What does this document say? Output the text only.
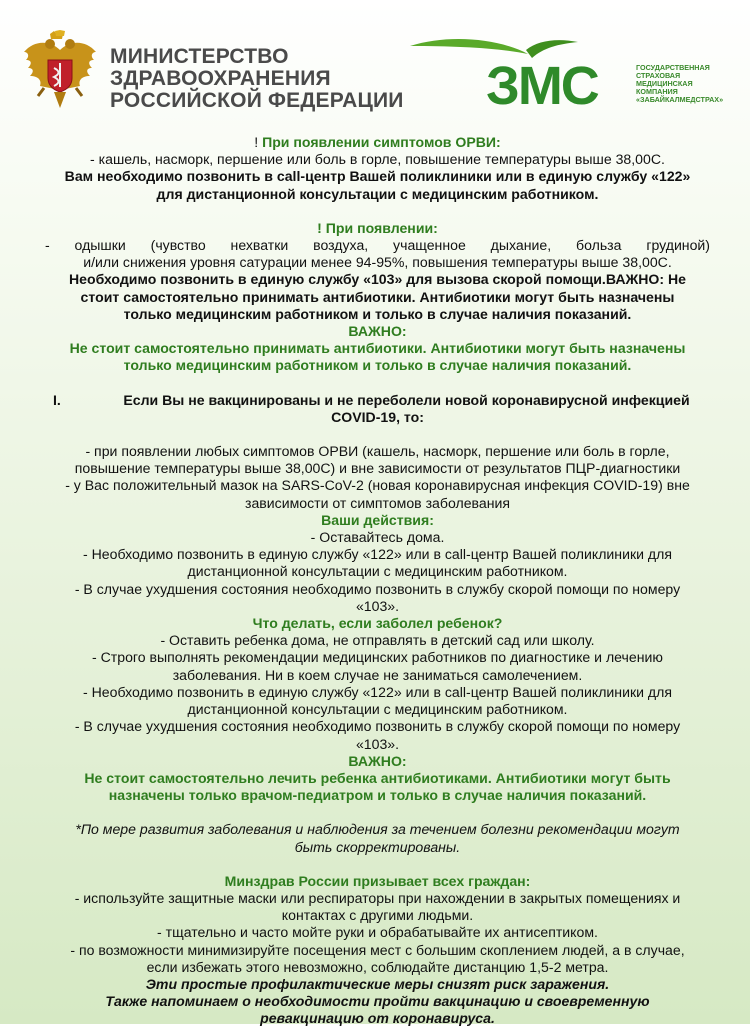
МИНИСТЕРСТВО
ЗДРАВООХРАНЕНИЯ
РОССИЙСКОЙ ФЕДЕРАЦИИ ЗМС	ГОСУДАРСТВЕННАЯ
СТРАХОВАЯ
МЕДИЦИНСКАЯ
КОМПАНИЯ
«ЗАБАЙКАЛМЕДСТРАХ»

! При появлении симптомов ОРВИ:

- кашель, насморк, першение или боль в горле, повышение температуры выше 38,00С.

Вам необходимо позвонить в call-центр Вашей поликлиники или в единую службу «122»

для дистанционной консультации с медицинским работником.

! При появлении:

- одышки (чувство нехватки воздуха, учащенное дыхание, больза грудиной)

и/или снижения уровня сатурации менее 94-95%, повышения температуры выше 38,00С.

Необходимо позвонить в единую службу «103» для вызова скорой помощи.ВАЖНО: Не

стоит самостоятельно принимать антибиотики. Антибиотики могут быть назначены

только медицинским работником и только в случае наличия показаний.

ВАЖНО:

Не стоит самостоятельно принимать антибиотики. Антибиотики могут быть назначены

только медицинским работником и только в случае наличия показаний.

I.	Если Вы не вакцинированы и не переболели новой коронавирусной инфекцией

COVID-19, то:

- при появлении любых симптомов ОРВИ (кашель, насморк, першение или боль в горле,

повышение температуры выше 38,00С) и вне зависимости от результатов ПЦР-диагностики

- у Вас положительный мазок на SARS-CoV-2 (новая коронавирусная инфекция COVID-19) вне

зависимости от симптомов заболевания

Ваши действия:

- Оставайтесь дома.

- Необходимо позвонить в единую службу «122» или в call-центр Вашей поликлиники для

дистанционной консультации с медицинским работником.

- В случае ухудшения состояния необходимо позвонить в службу скорой помощи по номеру

«103».

Что делать, если заболел ребенок?

- Оставить ребенка дома, не отправлять в детский сад или школу.

- Строго выполнять рекомендации медицинских работников по диагностике и лечению

заболевания. Ни в коем случае не заниматься самолечением.

- Необходимо позвонить в единую службу «122» или в call-центр Вашей поликлиники для

дистанционной консультации с медицинским работником.

- В случае ухудшения состояния необходимо позвонить в службу скорой помощи по номеру

«103».

ВАЖНО:

Не стоит самостоятельно лечить ребенка антибиотиками. Антибиотики могут быть

назначены только врачом-педиатром и только в случае наличия показаний.

*По мере развития заболевания и наблюдения за течением болезни рекомендации могут

быть скорректированы.

Минздрав России призывает всех граждан:

- используйте защитные маски или респираторы при нахождении в закрытых помещениях и

контактах с другими людьми.

- тщательно и часто мойте руки и обрабатывайте их антисептиком.

- по возможности минимизируйте посещения мест с большим скоплением людей, а в случае,

если избежать этого невозможно, соблюдайте дистанцию 1,5-2 метра.

Эти простые профилактические меры снизят риск заражения.

Также напоминаем о необходимости пройти вакцинацию и своевременную

ревакцинацию от коронавируса.
